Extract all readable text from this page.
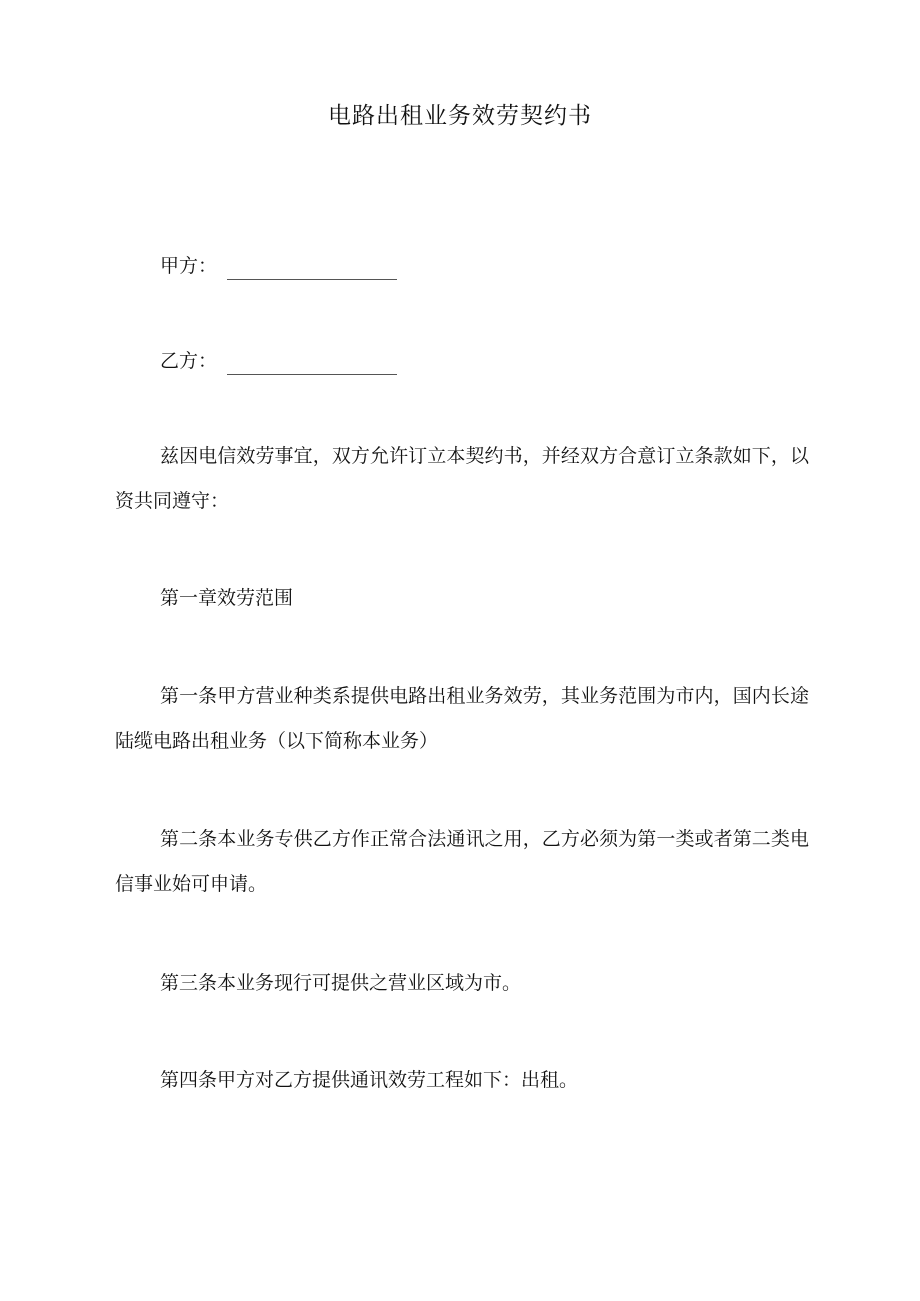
电路出租业务效劳契约书
甲方：
乙方：

兹因电信效劳事宜，双方允许订立本契约书，并经双方合意订立条款如下，以资共同遵守：

第一章效劳范围

第一条甲方营业种类系提供电路出租业务效劳，其业务范围为市内，国内长途陆缆电路出租业务（以下简称本业务）

第二条本业务专供乙方作正常合法通讯之用，乙方必须为第一类或者第二类电信事业始可申请。

第三条本业务现行可提供之营业区域为市。
第四条甲方对乙方提供通讯效劳工程如下：出租。
